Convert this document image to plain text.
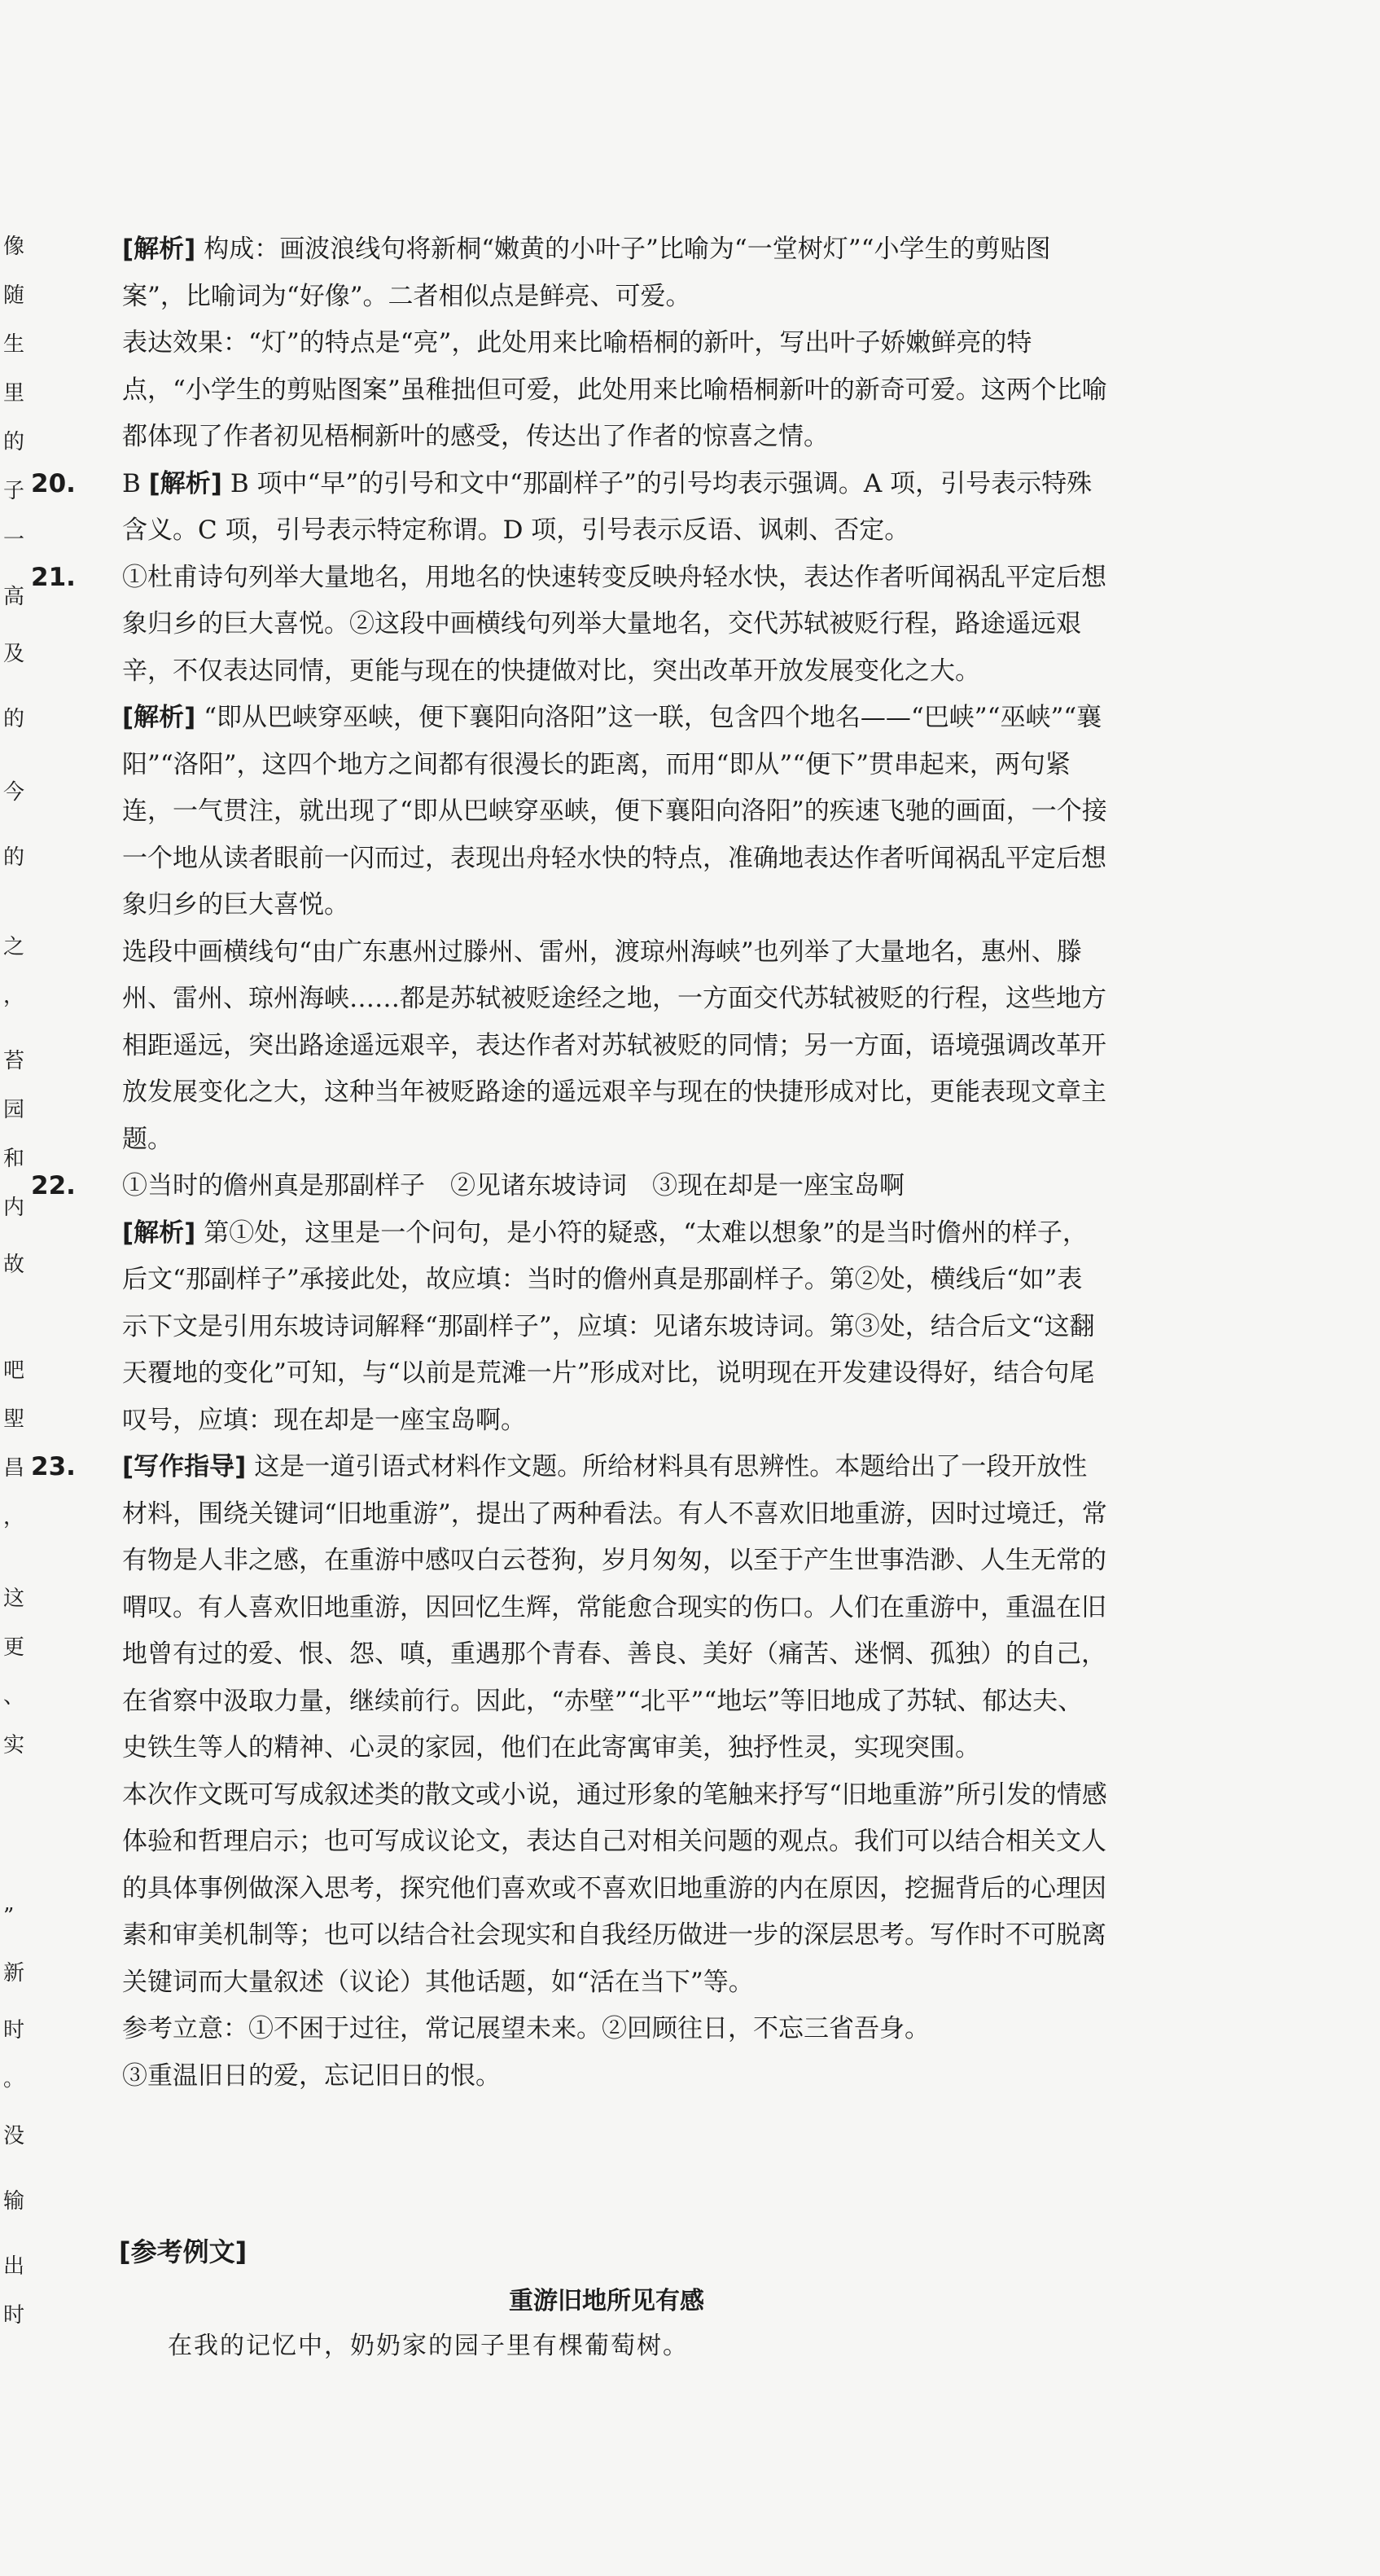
像
随
生
里
的
子
一
高
及
的
今
的
之
，
苔
园
和
内
故
吧
堲
昌
，
这
更
、
实
”
新
时
。
没
输
出
时

[解析] 构成：画波浪线句将新桐“嫩黄的小叶子”比喻为“一堂树灯”“小学生的剪贴图案”，比喻词为“好像”。二者相似点是鲜亮、可爱。

表达效果：“灯”的特点是“亮”，此处用来比喻梧桐的新叶，写出叶子娇嫩鲜亮的特点，“小学生的剪贴图案”虽稚拙但可爱，此处用来比喻梧桐新叶的新奇可爱。这两个比喻都体现了作者初见梧桐新叶的感受，传达出了作者的惊喜之情。

20. B

[解析] B 项中“早”的引号和文中“那副样子”的引号均表示强调。A 项，引号表示特殊含义。C 项，引号表示特定称谓。D 项，引号表示反语、讽刺、否定。

21. ①杜甫诗句列举大量地名，用地名的快速转变反映舟轻水快，表达作者听闻祸乱平定后想象归乡的巨大喜悦。②这段中画横线句列举大量地名，交代苏轼被贬行程，路途遥远艰辛，不仅表达同情，更能与现在的快捷做对比，突出改革开放发展变化之大。

[解析] “即从巴峡穿巫峡，便下襄阳向洛阳”这一联，包含四个地名——“巴峡”“巫峡”“襄阳”“洛阳”，这四个地方之间都有很漫长的距离，而用“即从”“便下”贯串起来，两句紧连，一气贯注，就出现了“即从巴峡穿巫峡，便下襄阳向洛阳”的疾速飞驰的画面，一个接一个地从读者眼前一闪而过，表现出舟轻水快的特点，准确地表达作者听闻祸乱平定后想象归乡的巨大喜悦。

选段中画横线句“由广东惠州过滕州、雷州，渡琼州海峡”也列举了大量地名，惠州、滕州、雷州、琼州海峡……都是苏轼被贬途经之地，一方面交代苏轼被贬的行程，这些地方相距遥远，突出路途遥远艰辛，表达作者对苏轼被贬的同情；另一方面，语境强调改革开放发展变化之大，这种当年被贬路途的遥远艰辛与现在的快捷形成对比，更能表现文章主题。

22. ①当时的儋州真是那副样子　②见诸东坡诗词　③现在却是一座宝岛啊

[解析] 第①处，这里是一个问句，是小符的疑惑，“太难以想象”的是当时儋州的样子，后文“那副样子”承接此处，故应填：当时的儋州真是那副样子。第②处，横线后“如”表示下文是引用东坡诗词解释“那副样子”，应填：见诸东坡诗词。第③处，结合后文“这翻天覆地的变化”可知，与“以前是荒滩一片”形成对比，说明现在开发建设得好，结合句尾叹号，应填：现在却是一座宝岛啊。

23. [写作指导] 这是一道引语式材料作文题。所给材料具有思辨性。本题给出了一段开放性材料，围绕关键词“旧地重游”，提出了两种看法。有人不喜欢旧地重游，因时过境迁，常有物是人非之感，在重游中感叹白云苍狗，岁月匆匆，以至于产生世事浩渺、人生无常的喟叹。有人喜欢旧地重游，因回忆生辉，常能愈合现实的伤口。人们在重游中，重温在旧地曾有过的爱、恨、怨、嗔，重遇那个青春、善良、美好（痛苦、迷惘、孤独）的自己，在省察中汲取力量，继续前行。因此，“赤壁”“北平”“地坛”等旧地成了苏轼、郁达夫、史铁生等人的精神、心灵的家园，他们在此寄寓审美，独抒性灵，实现突围。

本次作文既可写成叙述类的散文或小说，通过形象的笔触来抒写“旧地重游”所引发的情感体验和哲理启示；也可写成议论文，表达自己对相关问题的观点。我们可以结合相关文人的具体事例做深入思考，探究他们喜欢或不喜欢旧地重游的内在原因，挖掘背后的心理因素和审美机制等；也可以结合社会现实和自我经历做进一步的深层思考。写作时不可脱离关键词而大量叙述（议论）其他话题，如“活在当下”等。

参考立意：①不困于过往，常记展望未来。②回顾往日，不忘三省吾身。

③重温旧日的爱，忘记旧日的恨。

[参考例文]
重游旧地所见有感
在我的记忆中，奶奶家的园子里有棵葡萄树。
